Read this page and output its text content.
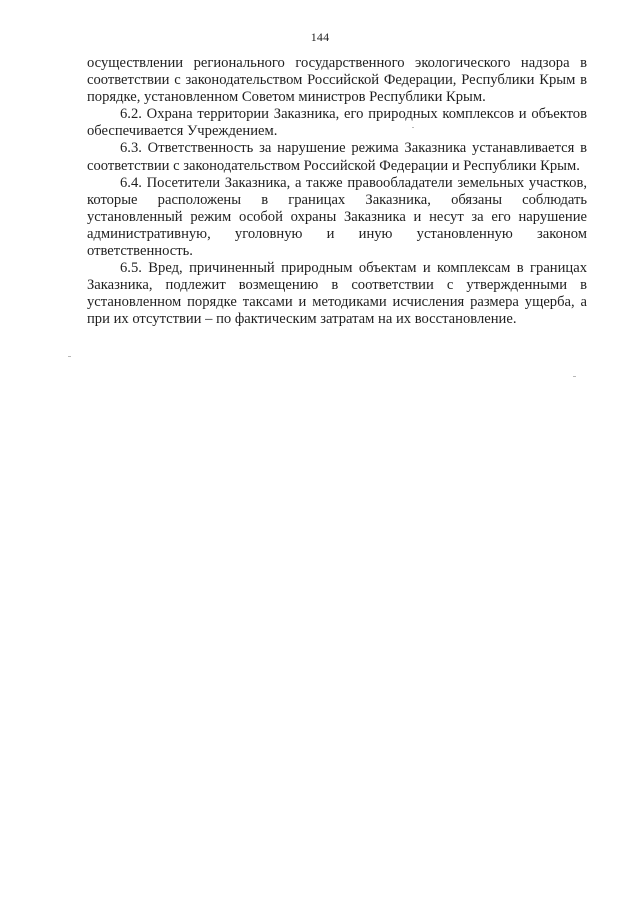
144

осуществлении регионального государственного экологического надзора в соответствии с законодательством Российской Федерации, Республики Крым в порядке, установленном Советом министров Республики Крым.

6.2. Охрана территории Заказника, его природных комплексов и объектов обеспечивается Учреждением.

6.3. Ответственность за нарушение режима Заказника устанавливается в соответствии с законодательством Российской Федерации и Республики Крым.

6.4. Посетители Заказника, а также правообладатели земельных участков, которые расположены в границах Заказника, обязаны соблюдать установленный режим особой охраны Заказника и несут за его нарушение административную, уголовную и иную установленную законом ответственность.

6.5. Вред, причиненный природным объектам и комплексам в границах Заказника, подлежит возмещению в соответствии с утвержденными в установленном порядке таксами и методиками исчисления размера ущерба, а при их отсутствии – по фактическим затратам на их восстановление.
